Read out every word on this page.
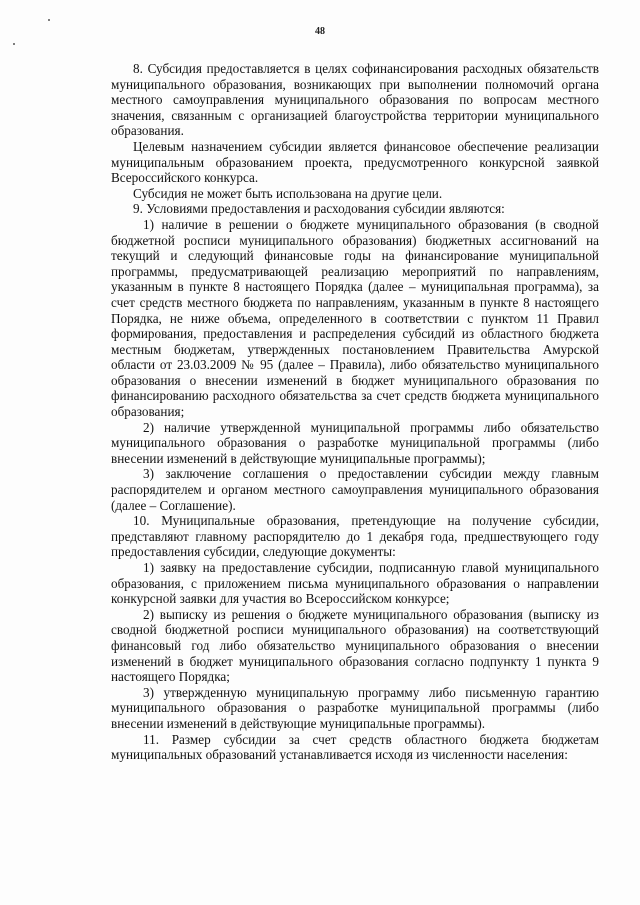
48

8. Субсидия предоставляется в целях софинансирования расходных обязательств муниципального образования, возникающих при выполнении полномочий органа местного самоуправления муниципального образования по вопросам местного значения, связанным с организацией благоустройства территории муниципального образования.

Целевым назначением субсидии является финансовое обеспечение реализации муниципальным образованием проекта, предусмотренного конкурсной заявкой Всероссийского конкурса.

Субсидия не может быть использована на другие цели.

9. Условиями предоставления и расходования субсидии являются:

1) наличие в решении о бюджете муниципального образования (в сводной бюджетной росписи муниципального образования) бюджетных ассигнований на текущий и следующий финансовые годы на финансирование муниципальной программы, предусматривающей реализацию мероприятий по направлениям, указанным в пункте 8 настоящего Порядка (далее – муниципальная программа), за счет средств местного бюджета по направлениям, указанным в пункте 8 настоящего Порядка, не ниже объема, определенного в соответствии с пунктом 11 Правил формирования, предоставления и распределения субсидий из областного бюджета местным бюджетам, утвержденных постановлением Правительства Амурской области от 23.03.2009 № 95 (далее – Правила), либо обязательство муниципального образования о внесении изменений в бюджет муниципального образования по финансированию расходного обязательства за счет средств бюджета муниципального образования;

2) наличие утвержденной муниципальной программы либо обязательство муниципального образования о разработке муниципальной программы (либо внесении изменений в действующие муниципальные программы);

3) заключение соглашения о предоставлении субсидии между главным распорядителем и органом местного самоуправления муниципального образования (далее – Соглашение).

10. Муниципальные образования, претендующие на получение субсидии, представляют главному распорядителю до 1 декабря года, предшествующего году предоставления субсидии, следующие документы:

1) заявку на предоставление субсидии, подписанную главой муниципального образования, с приложением письма муниципального образования о направлении конкурсной заявки для участия во Всероссийском конкурсе;

2) выписку из решения о бюджете муниципального образования (выписку из сводной бюджетной росписи муниципального образования) на соответствующий финансовый год либо обязательство муниципального образования о внесении изменений в бюджет муниципального образования согласно подпункту 1 пункта 9 настоящего Порядка;

3) утвержденную муниципальную программу либо письменную гарантию муниципального образования о разработке муниципальной программы (либо внесении изменений в действующие муниципальные программы).

11. Размер субсидии за счет средств областного бюджета бюджетам муниципальных образований устанавливается исходя из численности населения:
